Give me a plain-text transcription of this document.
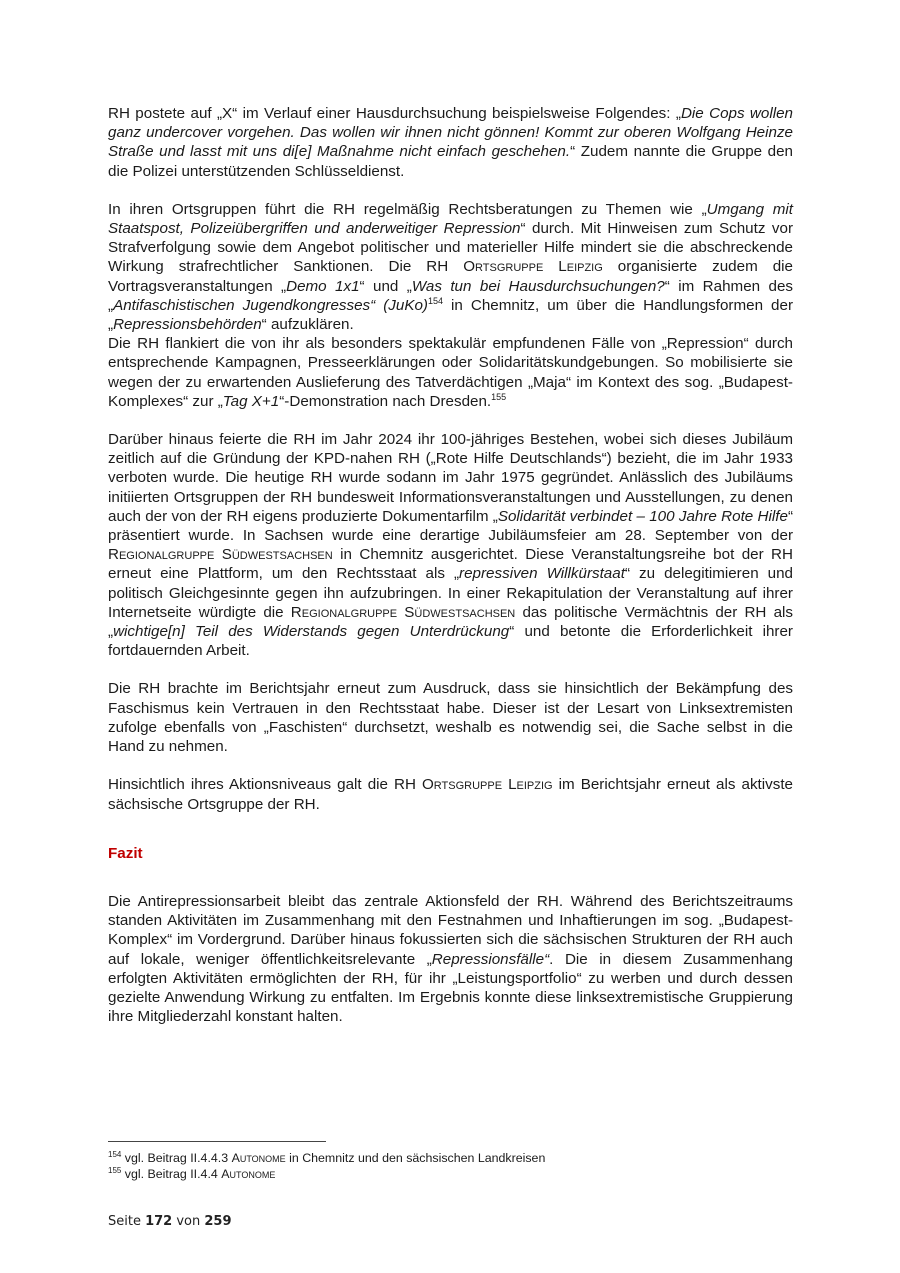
RH postete auf „X“ im Verlauf einer Hausdurchsuchung beispielsweise Folgendes: „Die Cops wollen ganz undercover vorgehen. Das wollen wir ihnen nicht gönnen! Kommt zur oberen Wolfgang Heinze Straße und lasst mit uns di[e] Maßnahme nicht einfach geschehen.“ Zudem nannte die Gruppe den die Polizei unterstützenden Schlüsseldienst.

In ihren Ortsgruppen führt die RH regelmäßig Rechtsberatungen zu Themen wie „Umgang mit Staatspost, Polizeiübergriffen und anderweitiger Repression“ durch. Mit Hinweisen zum Schutz vor Strafverfolgung sowie dem Angebot politischer und materieller Hilfe mindert sie die abschreckende Wirkung strafrechtlicher Sanktionen. Die RH Ortsgruppe Leipzig organisierte zudem die Vortragsveranstaltungen „Demo 1x1“ und „Was tun bei Hausdurchsuchungen?“ im Rahmen des „Antifaschistischen Jugendkongresses“ (JuKo)$^{154}$ in Chemnitz, um über die Handlungsformen der „Repressionsbehörden“ aufzuklären.

Die RH flankiert die von ihr als besonders spektakulär empfundenen Fälle von „Repression“ durch entsprechende Kampagnen, Presseerklärungen oder Solidaritätskundgebungen. So mobilisierte sie wegen der zu erwartenden Auslieferung des Tatverdächtigen „Maja“ im Kontext des sog. „Budapest-Komplexes“ zur „Tag X+1“-Demonstration nach Dresden.$^{155}$

Darüber hinaus feierte die RH im Jahr 2024 ihr 100-jähriges Bestehen, wobei sich dieses Jubiläum zeitlich auf die Gründung der KPD-nahen RH („Rote Hilfe Deutschlands“) bezieht, die im Jahr 1933 verboten wurde. Die heutige RH wurde sodann im Jahr 1975 gegründet. Anlässlich des Jubiläums initiierten Ortsgruppen der RH bundesweit Informationsveranstaltungen und Ausstellungen, zu denen auch der von der RH eigens produzierte Dokumentarfilm „Solidarität verbindet – 100 Jahre Rote Hilfe“ präsentiert wurde. In Sachsen wurde eine derartige Jubiläumsfeier am 28. September von der Regionalgruppe Südwestsachsen in Chemnitz ausgerichtet. Diese Veranstaltungsreihe bot der RH erneut eine Plattform, um den Rechtsstaat als „repressiven Willkürstaat“ zu delegitimieren und politisch Gleichgesinnte gegen ihn aufzubringen. In einer Rekapitulation der Veranstaltung auf ihrer Internetseite würdigte die Regionalgruppe Südwestsachsen das politische Vermächtnis der RH als „wichtige[n] Teil des Widerstands gegen Unterdrückung“ und betonte die Erforderlichkeit ihrer fortdauernden Arbeit.

Die RH brachte im Berichtsjahr erneut zum Ausdruck, dass sie hinsichtlich der Bekämpfung des Faschismus kein Vertrauen in den Rechtsstaat habe. Dieser ist der Lesart von Linksextremisten zufolge ebenfalls von „Faschisten“ durchsetzt, weshalb es notwendig sei, die Sache selbst in die Hand zu nehmen.

Hinsichtlich ihres Aktionsniveaus galt die RH Ortsgruppe Leipzig im Berichtsjahr erneut als aktivste sächsische Ortsgruppe der RH.

Fazit

Die Antirepressionsarbeit bleibt das zentrale Aktionsfeld der RH. Während des Berichtszeitraums standen Aktivitäten im Zusammenhang mit den Festnahmen und Inhaftierungen im sog. „Budapest-Komplex“ im Vordergrund. Darüber hinaus fokussierten sich die sächsischen Strukturen der RH auch auf lokale, weniger öffentlichkeitsrelevante „Repressionsfälle“. Die in diesem Zusammenhang erfolgten Aktivitäten ermöglichten der RH, für ihr „Leistungsportfolio“ zu werben und durch dessen gezielte Anwendung Wirkung zu entfalten. Im Ergebnis konnte diese linksextremistische Gruppierung ihre Mitgliederzahl konstant halten.

$^{154}$ vgl. Beitrag II.4.4.3 Autonome in Chemnitz und den sächsischen Landkreisen
$^{155}$ vgl. Beitrag II.4.4 Autonome
Seite 172 von 259
